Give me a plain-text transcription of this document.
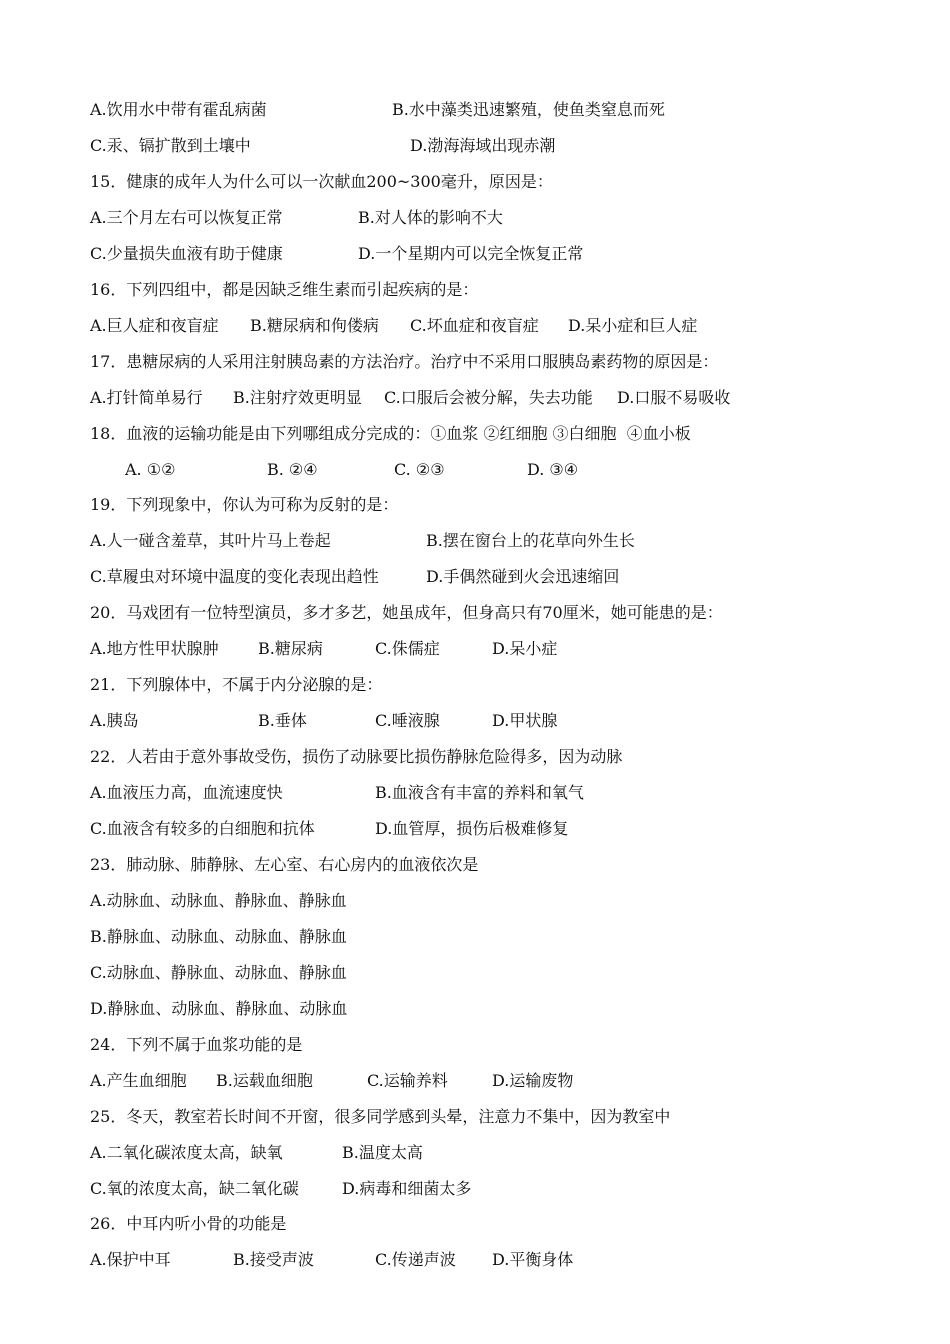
A.饮用水中带有霍乱病菌	B.水中藻类迅速繁殖，使鱼类窒息而死
C.汞、镉扩散到土壤中	D.渤海海域出现赤潮
15．健康的成年人为什么可以一次献血200~300毫升，原因是：
A.三个月左右可以恢复正常	B.对人体的影响不大
C.少量损失血液有助于健康	D.一个星期内可以完全恢复正常
16．下列四组中，都是因缺乏维生素而引起疾病的是：
A.巨人症和夜盲症 B.糖尿病和佝偻病 C.坏血症和夜盲症 D.呆小症和巨人症
17．患糖尿病的人采用注射胰岛素的方法治疗。治疗中不采用口服胰岛素药物的原因是：
A.打针简单易行 B.注射疗效更明显 C.口服后会被分解，失去功能 D.口服不易吸收
18．血液的运输功能是由下列哪组成分完成的：①血浆 ②红细胞 ③白细胞  ④血小板
A. ①②	B. ②④	C. ②③	D. ③④
19．下列现象中，你认为可称为反射的是：
A.人一碰含羞草，其叶片马上卷起	B.摆在窗台上的花草向外生长
C.草履虫对环境中温度的变化表现出趋性	D.手偶然碰到火会迅速缩回
20．马戏团有一位特型演员，多才多艺，她虽成年，但身高只有70厘米，她可能患的是：
A.地方性甲状腺肿 B.糖尿病	C.侏儒症	D.呆小症
21．下列腺体中，不属于内分泌腺的是：
A.胰岛	B.垂体	C.唾液腺	D.甲状腺
22．人若由于意外事故受伤，损伤了动脉要比损伤静脉危险得多，因为动脉
A.血液压力高，血流速度快	B.血液含有丰富的养料和氧气
C.血液含有较多的白细胞和抗体	D.血管厚，损伤后极难修复
23．肺动脉、肺静脉、左心室、右心房内的血液依次是
A.动脉血、动脉血、静脉血、静脉血
B.静脉血、动脉血、动脉血、静脉血
C.动脉血、静脉血、动脉血、静脉血
D.静脉血、动脉血、静脉血、动脉血
24．下列不属于血浆功能的是
A.产生血细胞 B.运载血细胞	C.运输养料	D.运输废物
25．冬天，教室若长时间不开窗，很多同学感到头晕，注意力不集中，因为教室中
A.二氧化碳浓度太高，缺氧	B.温度太高
C.氧的浓度太高，缺二氧化碳	D.病毒和细菌太多
26．中耳内听小骨的功能是
A.保护中耳	B.接受声波	C.传递声波 D.平衡身体
